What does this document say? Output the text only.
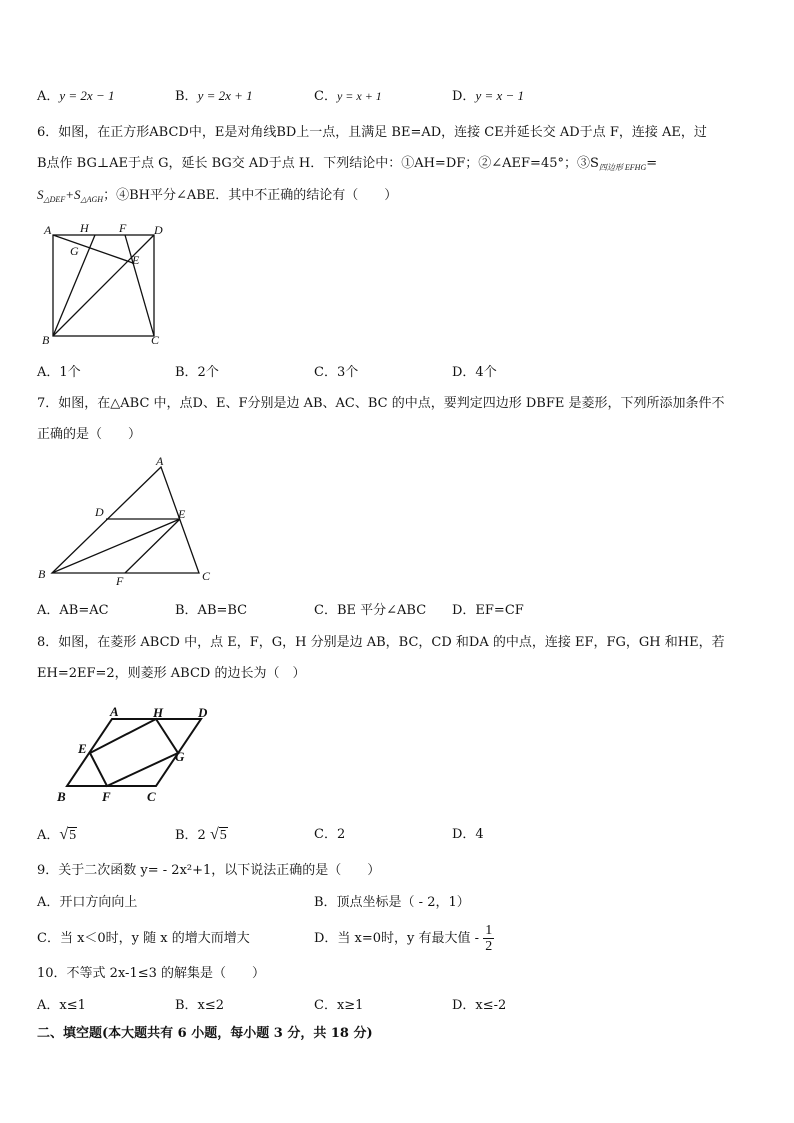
A．y = 2x − 1	B．y = 2x + 1	C．y = x + 1	D．y = x − 1
6．如图，在正方形ABCD中，E是对角线BD上一点，且满足 BE=AD，连接 CE并延长交 AD于点 F，连接 AE，过
B点作 BG⊥AE于点 G，延长 BG交 AD于点 H．下列结论中：①AH=DF；②∠AEF=45°；$③S_{四边形 EFHG}=$
$S_{\triangle DEF}+S_{\triangle AGH}$；④BH平分∠ABE．其中不正确的结论有（　　）
A H	F D
G
E
B	C
A．1个	B．2个	C．3个	D．4个
7．如图，在△ABC 中，点D、E、F分别是边 AB、AC、BC 的中点，要判定四边形 DBFE 是菱形，下列所添加条件不
正确的是（　　）
A
D	E
B	F	C
A．AB=AC	B．AB=BC	C．BE 平分∠ABC D．EF=CF
8．如图，在菱形 ABCD 中，点 E，F，G，H 分别是边 AB，BC，CD 和DA 的中点，连接 EF，FG，GH 和HE，若
EH=2EF=2，则菱形 ABCD 的边长为（　）
A	H	D
E
G
B	F	C
A．√5	B．2 √5	C．2	D．4
9．关于二次函数 y= - 2x²+1，以下说法正确的是（　　）
A．开口方向向上	B．顶点坐标是（ - 2，1）
C．当 x＜0时，y 随 x 的增大而增大	D．当 x=0时，y 有最大值 - $\frac{1}{2}$
10．不等式 2x-1≤3 的解集是（　　）
A．x≤1	B．x≤2	C．x≥1	D．x≤-2
二、填空题(本大题共有 6 小题，每小题 3 分，共 18 分)
